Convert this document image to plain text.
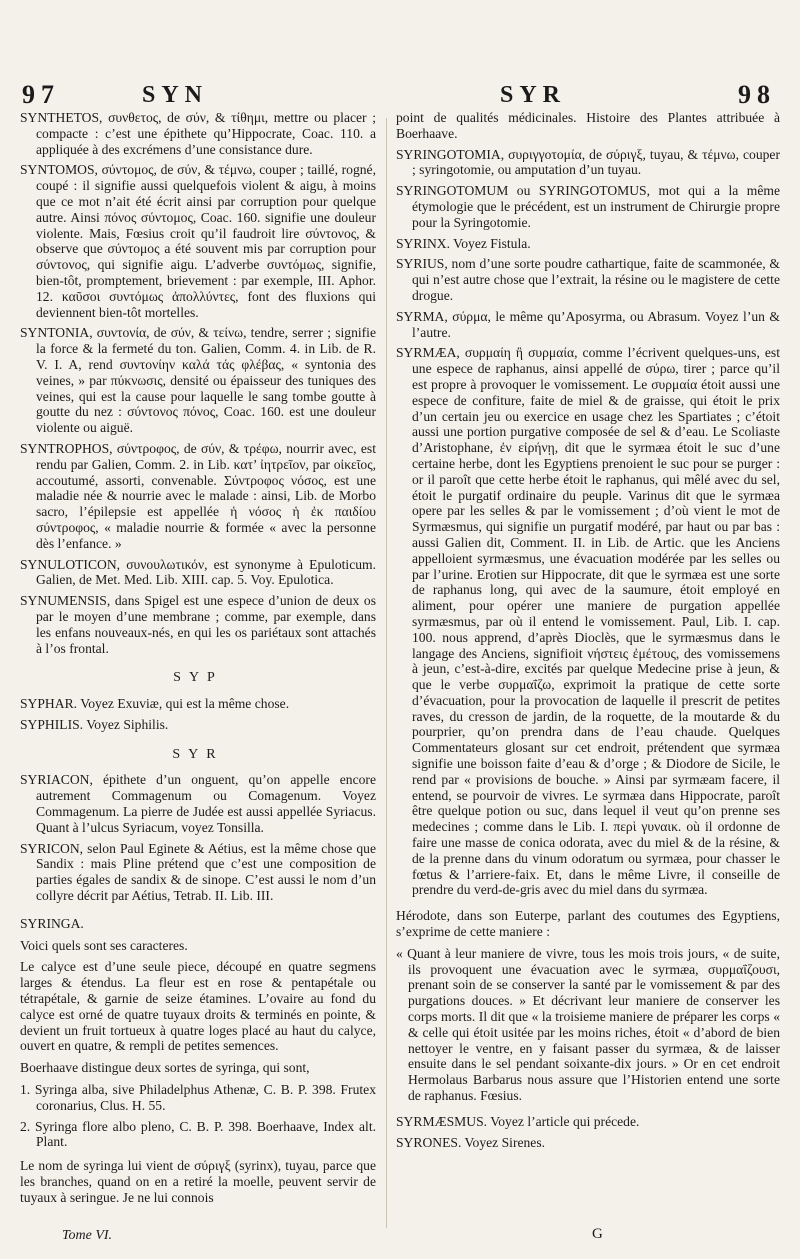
97	SYN	SYR	98

SYNTHETOS, συνθετος, de σύν, & τίθημι, mettre ou placer ; compacte : c’est une épithete qu’Hippocrate, Coac. 110. a appliquée à des excrémens d’une consistance dure.

SYNTOMOS, σύντομος, de σύν, & τέμνω, couper ; taillé, rogné, coupé : il signifie aussi quelquefois violent & aigu, à moins que ce mot n’ait été écrit ainsi par corruption pour quelque autre. Ainsi πόνος σύντομος, Coac. 160. signifie une douleur violente. Mais, Fœsius croit qu’il faudroit lire σύντονος, & observe que σύντομος a été souvent mis par corruption pour σύντονος, qui signifie aigu. L’adverbe συντόμως, signifie, bien-tôt, promptement, brievement : par exemple, III. Aphor. 12. καῦσοι συντόμως ἀπολλύντες, font des fluxions qui deviennent bien-tôt mortelles.

SYNTONIA, συντονία, de σύν, & τείνω, tendre, serrer ; signifie la force & la fermeté du ton. Galien, Comm. 4. in Lib. de R. V. I. A, rend συντονίην καλά τάς φλέβας, « syntonia des veines, » par πύκνωσις, densité ou épaisseur des tuniques des veines, qui est la cause pour laquelle le sang tombe goutte à goutte du nez : σύντονος πόνος, Coac. 160. est une douleur violente ou aiguë.

SYNTROPHOS, σύντροφος, de σύν, & τρέφω, nourrir avec, est rendu par Galien, Comm. 2. in Lib. κατ’ ἰητρεῖον, par οἰκεῖος, accoutumé, assorti, convenable. Σύντροφος νόσος, est une maladie née & nourrie avec le malade : ainsi, Lib. de Morbo sacro, l’épilepsie est appellée ἡ νόσος ἡ ἐκ παιδίου σύντροφος, « maladie nourrie & formée « avec la personne dès l’enfance. »

SYNULOTICON, συνουλωτικόν, est synonyme à Epuloticum. Galien, de Met. Med. Lib. XIII. cap. 5. Voy. Epulotica.

SYNUMENSIS, dans Spigel est une espece d’union de deux os par le moyen d’une membrane ; comme, par exemple, dans les enfans nouveaux-nés, en qui les os pariétaux sont attachés à l’os frontal.

SYP

SYPHAR. Voyez Exuviæ, qui est la même chose.

SYPHILIS. Voyez Siphilis.

SYR

SYRIACON, épithete d’un onguent, qu’on appelle encore autrement Commagenum ou Comagenum. Voyez Commagenum. La pierre de Judée est aussi appellée Syriacus. Quant à l’ulcus Syriacum, voyez Tonsilla.

SYRICON, selon Paul Eginete & Aétius, est la même chose que Sandix : mais Pline prétend que c’est une composition de parties égales de sandix & de sinope. C’est aussi le nom d’un collyre décrit par Aétius, Tetrab. II. Lib. III.

SYRINGA.

Voici quels sont ses caracteres.

Le calyce est d’une seule piece, découpé en quatre segmens larges & étendus. La fleur est en rose & pentapétale ou tétrapétale, & garnie de seize étamines. L’ovaire au fond du calyce est orné de quatre tuyaux droits & terminés en pointe, & devient un fruit tortueux à quatre loges placé au haut du calyce, ouvert en quatre, & rempli de petites semences.

Boerhaave distingue deux sortes de syringa, qui sont,

1. Syringa alba, sive Philadelphus Athenæ, C. B. P. 398. Frutex coronarius, Clus. H. 55.

2. Syringa flore albo pleno, C. B. P. 398. Boerhaave, Index alt. Plant.

Le nom de syringa lui vient de σύριγξ (syrinx), tuyau, parce que les branches, quand on en a retiré la moelle, peuvent servir de tuyaux à seringue. Je ne lui connois

point de qualités médicinales. Histoire des Plantes attribuée à Boerhaave.

SYRINGOTOMIA, συριγγοτομία, de σύριγξ, tuyau, & τέμνω, couper ; syringotomie, ou amputation d’un tuyau.

SYRINGOTOMUM ou SYRINGOTOMUS, mot qui a la même étymologie que le précédent, est un instrument de Chirurgie propre pour la Syringotomie.

SYRINX. Voyez Fistula.

SYRIUS, nom d’une sorte poudre cathartique, faite de scammonée, & qui n’est autre chose que l’extrait, la résine ou le magistere de cette drogue.

SYRMA, σύρμα, le même qu’Aposyrma, ou Abrasum. Voyez l’un & l’autre.

SYRMÆA, συρμαίη ἢ συρμαία, comme l’écrivent quelques-uns, est une espece de raphanus, ainsi appellé de σύρω, tirer ; parce qu’il est propre à provoquer le vomissement. Le συρμαία étoit aussi une espece de confiture, faite de miel & de graisse, qui étoit le prix d’un certain jeu ou exercice en usage chez les Spartiates ; c’étoit aussi une portion purgative composée de sel & d’eau. Le Scoliaste d’Aristophane, ἐν εἰρήνῃ, dit que le syrmæa étoit le suc d’une certaine herbe, dont les Egyptiens prenoient le suc pour se purger : or il paroît que cette herbe étoit le raphanus, qui mêlé avec du sel, étoit le purgatif ordinaire du peuple. Varinus dit que le syrmæa opere par les selles & par le vomissement ; d’où vient le mot de Syrmæsmus, qui signifie un purgatif modéré, par haut ou par bas : aussi Galien dit, Comment. II. in Lib. de Artic. que les Anciens appelloient syrmæsmus, une évacuation modérée par les selles ou par l’urine. Erotien sur Hippocrate, dit que le syrmæa est une sorte de raphanus long, qui avec de la saumure, étoit employé en aliment, pour opérer une maniere de purgation appellée syrmæsmus, par où il entend le vomissement. Paul, Lib. I. cap. 100. nous apprend, d’après Dioclès, que le syrmæsmus dans le langage des Anciens, signifioit νήστεις ἐμέτους, des vomissemens à jeun, c’est-à-dire, excités par quelque Medecine prise à jeun, & que le verbe συρμαΐζω, exprimoit la pratique de cette sorte d’évacuation, pour la provocation de laquelle il prescrit de petites raves, du cresson de jardin, de la roquette, de la moutarde & du pourprier, qu’on prendra dans de l’eau chaude. Quelques Commentateurs glosant sur cet endroit, prétendent que syrmæa signifie une boisson faite d’eau & d’orge ; & Diodore de Sicile, le rend par « provisions de bouche. » Ainsi par syrmæam facere, il entend, se pourvoir de vivres. Le syrmæa dans Hippocrate, paroît être quelque potion ou suc, dans lequel il veut qu’on prenne ses medecines ; comme dans le Lib. I. περὶ γυναικ. où il ordonne de faire une masse de conica odorata, avec du miel & de la résine, & de la prenne dans du vinum odoratum ou syrmæa, pour chasser le fœtus & l’arriere-faix. Et, dans le même Livre, il conseille de prendre du verd-de-gris avec du miel dans du syrmæa.

Hérodote, dans son Euterpe, parlant des coutumes des Egyptiens, s’exprime de cette maniere :

« Quant à leur maniere de vivre, tous les mois trois jours, « de suite, ils provoquent une évacuation avec le syrmæa, συρμαΐζουσι, prenant soin de se conserver la santé par le vomissement & par des purgations douces. » Et décrivant leur maniere de conserver les corps morts. Il dit que « la troisieme maniere de préparer les corps « & celle qui étoit usitée par les moins riches, étoit « d’abord de bien nettoyer le ventre, en y faisant passer du syrmæa, & de laisser ensuite dans le sel pendant soixante-dix jours. » Or en cet endroit Hermolaus Barbarus nous assure que l’Historien entend une sorte de raphanus. Fœsius.

SYRMÆSMUS. Voyez l’article qui précede.

SYRONES. Voyez Sirenes.

Tome VI.	G
